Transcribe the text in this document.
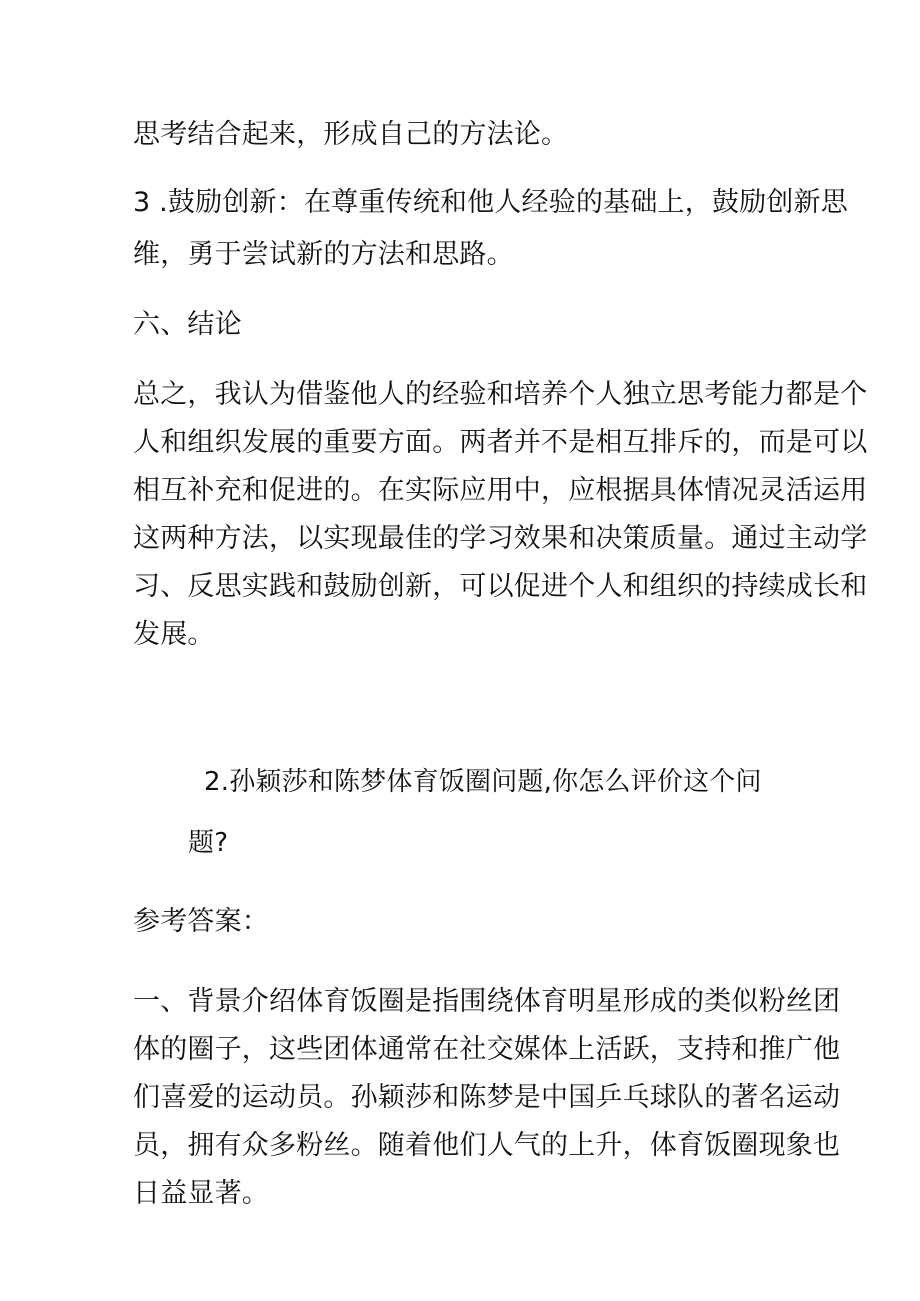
思考结合起来，形成自己的方法论。
3 .鼓励创新：在尊重传统和他人经验的基础上，鼓励创新思
维，勇于尝试新的方法和思路。
六、结论
总之，我认为借鉴他人的经验和培养个人独立思考能力都是个
人和组织发展的重要方面。两者并不是相互排斥的，而是可以
相互补充和促进的。在实际应用中，应根据具体情况灵活运用
这两种方法，以实现最佳的学习效果和决策质量。通过主动学
习、反思实践和鼓励创新，可以促进个人和组织的持续成长和
发展。
2.孙颖莎和陈梦体育饭圈问题,你怎么评价这个问
题?
参考答案：
一、背景介绍体育饭圈是指围绕体育明星形成的类似粉丝团
体的圈子，这些团体通常在社交媒体上活跃，支持和推广他
们喜爱的运动员。孙颖莎和陈梦是中国乒乓球队的著名运动
员，拥有众多粉丝。随着他们人气的上升，体育饭圈现象也
日益显著。
